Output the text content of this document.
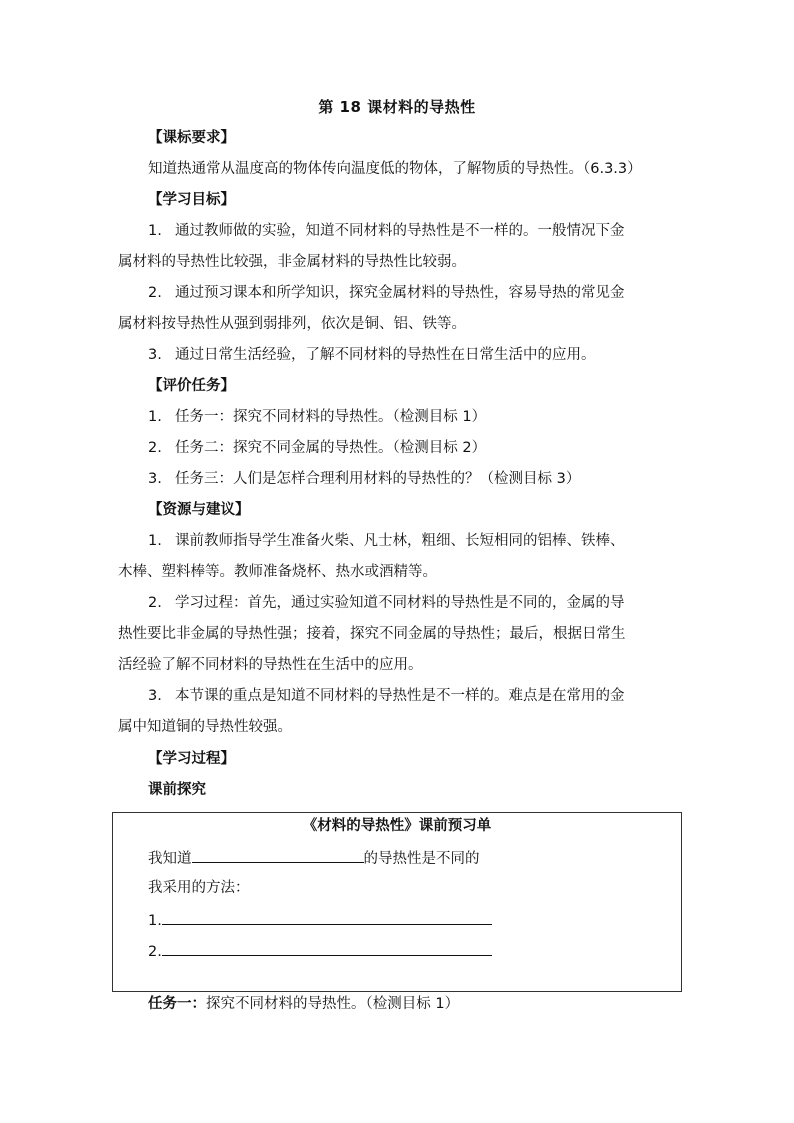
第 18 课材料的导热性
【课标要求】
知道热通常从温度高的物体传向温度低的物体，了解物质的导热性。（6.3.3）
【学习目标】
1. 通过教师做的实验，知道不同材料的导热性是不一样的。一般情况下金
属材料的导热性比较强，非金属材料的导热性比较弱。
2. 通过预习课本和所学知识，探究金属材料的导热性，容易导热的常见金
属材料按导热性从强到弱排列，依次是铜、铝、铁等。
3. 通过日常生活经验，了解不同材料的导热性在日常生活中的应用。
【评价任务】
1. 任务一：探究不同材料的导热性。（检测目标 1）
2. 任务二：探究不同金属的导热性。（检测目标 2）
3. 任务三：人们是怎样合理利用材料的导热性的？（检测目标 3）
【资源与建议】
1. 课前教师指导学生准备火柴、凡士林，粗细、长短相同的铝棒、铁棒、
木棒、塑料棒等。教师准备烧杯、热水或酒精等。
2. 学习过程：首先，通过实验知道不同材料的导热性是不同的，金属的导
热性要比非金属的导热性强；接着，探究不同金属的导热性；最后，根据日常生
活经验了解不同材料的导热性在生活中的应用。
3. 本节课的重点是知道不同材料的导热性是不一样的。难点是在常用的金
属中知道铜的导热性较强。
【学习过程】
课前探究
《材料的导热性》课前预习单
我知道	的导热性是不同的
我采用的方法：
1.
2.
任务一：探究不同材料的导热性。（检测目标 1）
